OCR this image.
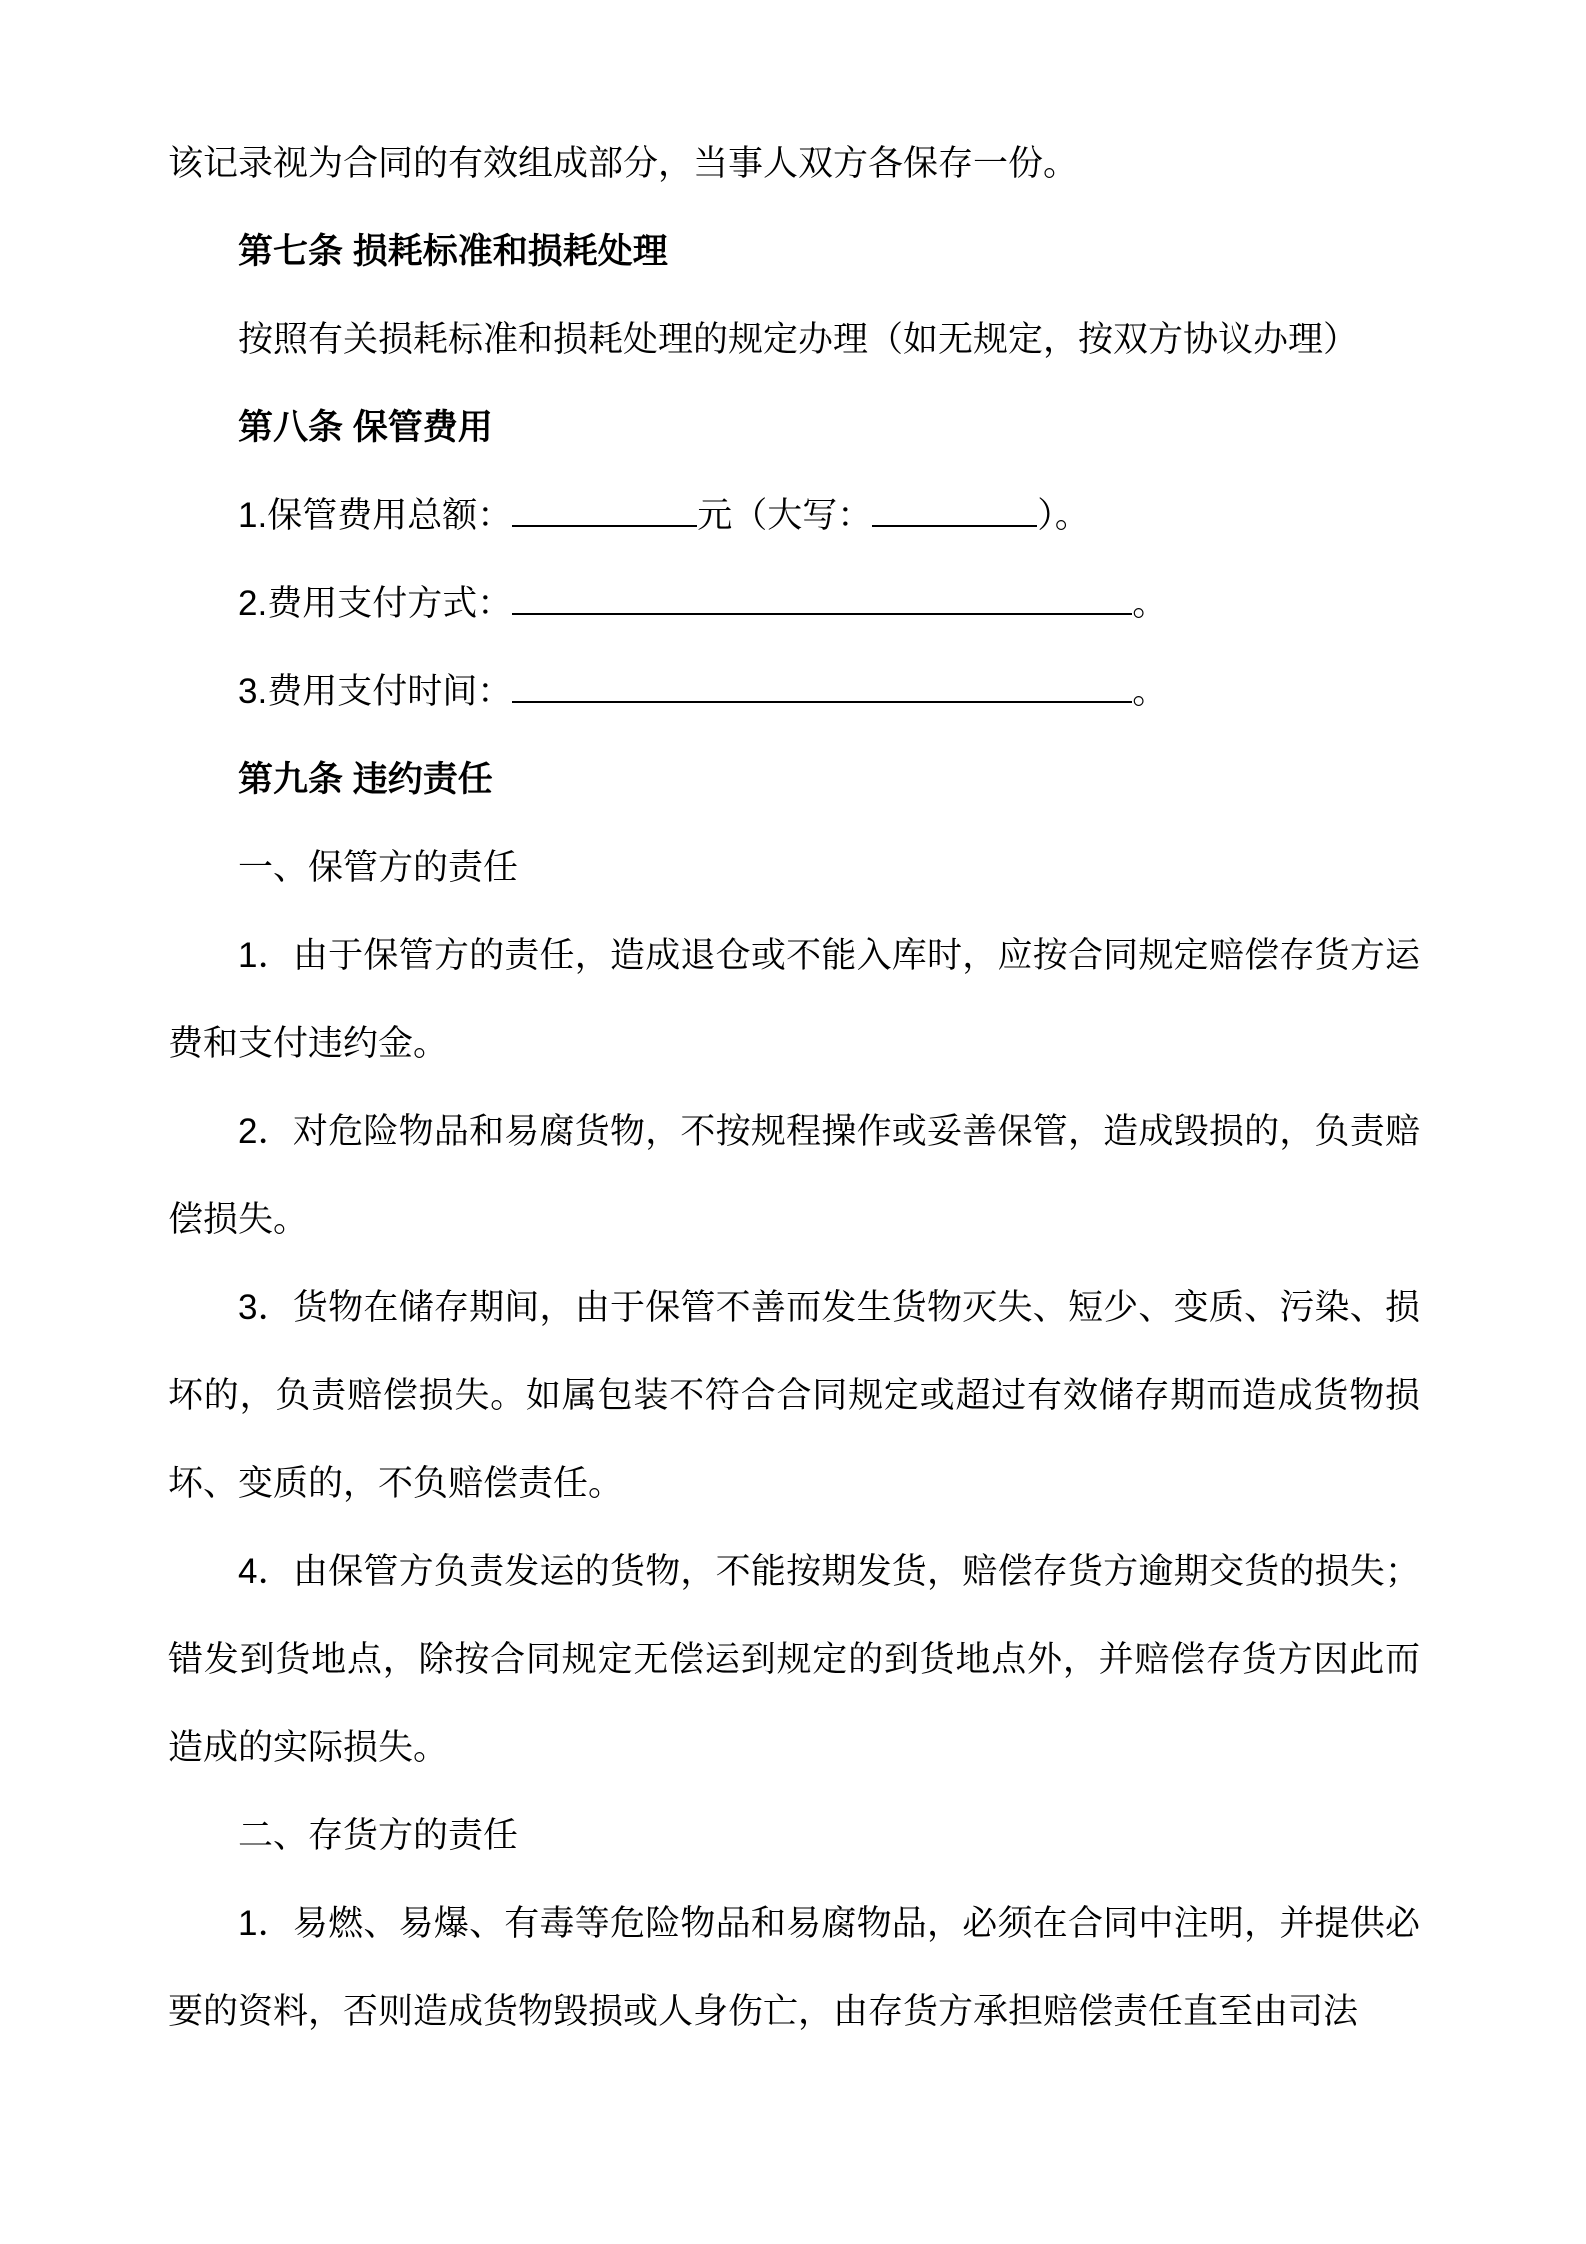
该记录视为合同的有效组成部分，当事人双方各保存一份。

第七条 损耗标准和损耗处理

按照有关损耗标准和损耗处理的规定办理（如无规定，按双方协议办理）

第八条 保管费用

1.保管费用总额：	元（大写：	）。

2.费用支付方式：	。

3.费用支付时间：	。

第九条 违约责任

一、保管方的责任

1．由于保管方的责任，造成退仓或不能入库时，应按合同规定赔偿存货方运费和支付违约金。

2．对危险物品和易腐货物，不按规程操作或妥善保管，造成毁损的，负责赔偿损失。

3．货物在储存期间，由于保管不善而发生货物灭失、短少、变质、污染、损坏的，负责赔偿损失。如属包装不符合合同规定或超过有效储存期而造成货物损坏、变质的，不负赔偿责任。

4．由保管方负责发运的货物，不能按期发货，赔偿存货方逾期交货的损失；错发到货地点，除按合同规定无偿运到规定的到货地点外，并赔偿存货方因此而造成的实际损失。

二、存货方的责任

1．易燃、易爆、有毒等危险物品和易腐物品，必须在合同中注明，并提供必要的资料，否则造成货物毁损或人身伤亡，由存货方承担赔偿责任直至由司法
